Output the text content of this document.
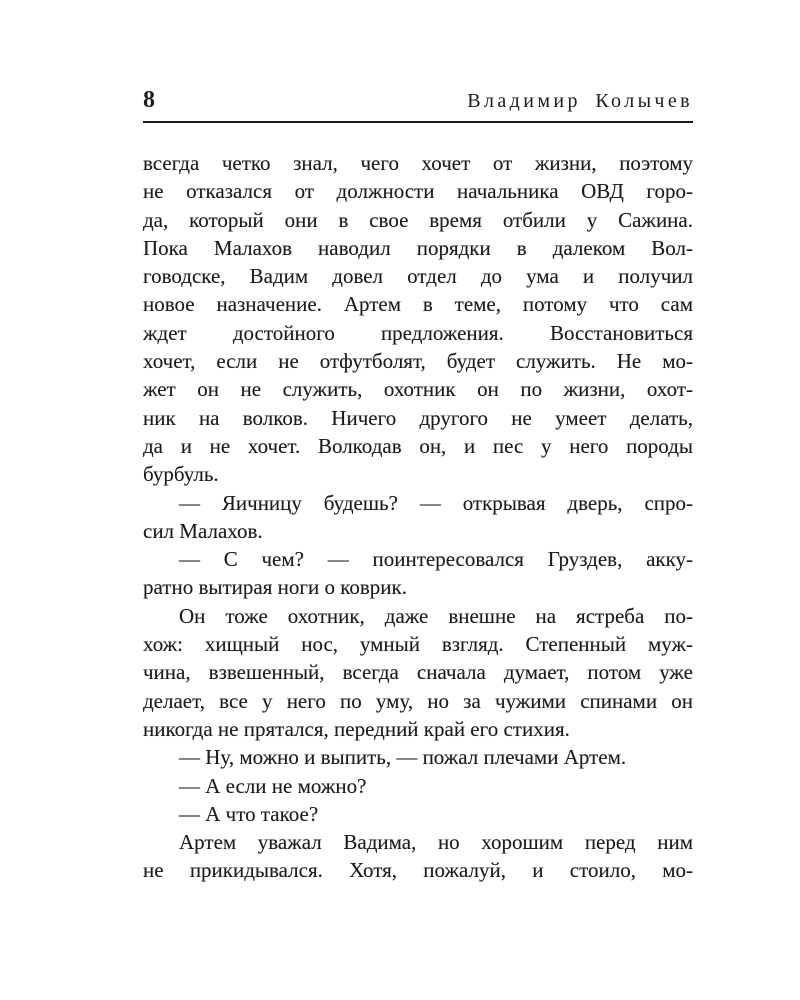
8	Владимир Колычев
всегда четко знал, чего хочет от жизни, поэтому
не отказался от должности начальника ОВД горо-
да, который они в свое время отбили у Сажина.
Пока Малахов наводил порядки в далеком Вол-
говодске, Вадим довел отдел до ума и получил
новое назначение. Артем в теме, потому что сам
ждет достойного предложения. Восстановиться
хочет, если не отфутболят, будет служить. Не мо-
жет он не служить, охотник он по жизни, охот-
ник на волков. Ничего другого не умеет делать,
да и не хочет. Волкодав он, и пес у него породы
бурбуль.
— Яичницу будешь? — открывая дверь, спро-
сил Малахов.
— С чем? — поинтересовался Груздев, акку-
ратно вытирая ноги о коврик.
Он тоже охотник, даже внешне на ястреба по-
хож: хищный нос, умный взгляд. Степенный муж-
чина, взвешенный, всегда сначала думает, потом уже
делает, все у него по уму, но за чужими спинами он
никогда не прятался, передний край его стихия.
— Ну, можно и выпить, — пожал плечами Артем.
— А если не можно?
— А что такое?
Артем уважал Вадима, но хорошим перед ним
не прикидывался. Хотя, пожалуй, и стоило, мо-
